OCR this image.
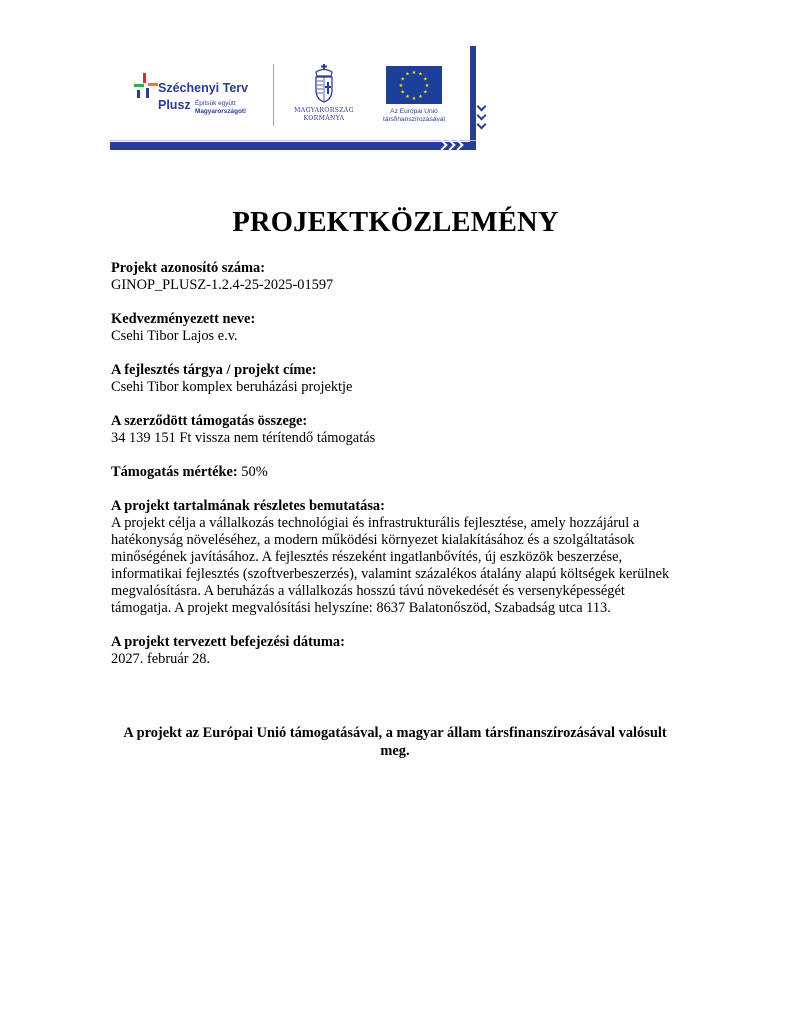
Széchenyi Terv
Plusz Építsük együtt
Magyarországot!	MAGYARORSZÁG
KORMÁNYA
★ ★
★
★
★
★
★
★
★
★
★
★
Az Európai Unió
társfinanszírozásával
PROJEKTKÖZLEMÉNY
Projekt azonosító száma:
GINOP_PLUSZ-1.2.4-25-2025-01597
Kedvezményezett neve:
Csehi Tibor Lajos e.v.
A fejlesztés tárgya / projekt címe:
Csehi Tibor komplex beruházási projektje
A szerződött támogatás összege:
34 139 151 Ft vissza nem térítendő támogatás
Támogatás mértéke: 50%
A projekt tartalmának részletes bemutatása:
A projekt célja a vállalkozás technológiai és infrastrukturális fejlesztése, amely hozzájárul a hatékonyság növeléséhez, a modern működési környezet kialakításához és a szolgáltatások minőségének javításához. A fejlesztés részeként ingatlanbővítés, új eszközök beszerzése, informatikai fejlesztés (szoftverbeszerzés), valamint százalékos átalány alapú költségek kerülnek megvalósításra. A beruházás a vállalkozás hosszú távú növekedését és versenyképességét támogatja. A projekt megvalósítási helyszíne: 8637 Balatonőszöd, Szabadság utca 113.
A projekt tervezett befejezési dátuma:
2027. február 28.
A projekt az Európai Unió támogatásával, a magyar állam társfinanszírozásával valósult meg.
